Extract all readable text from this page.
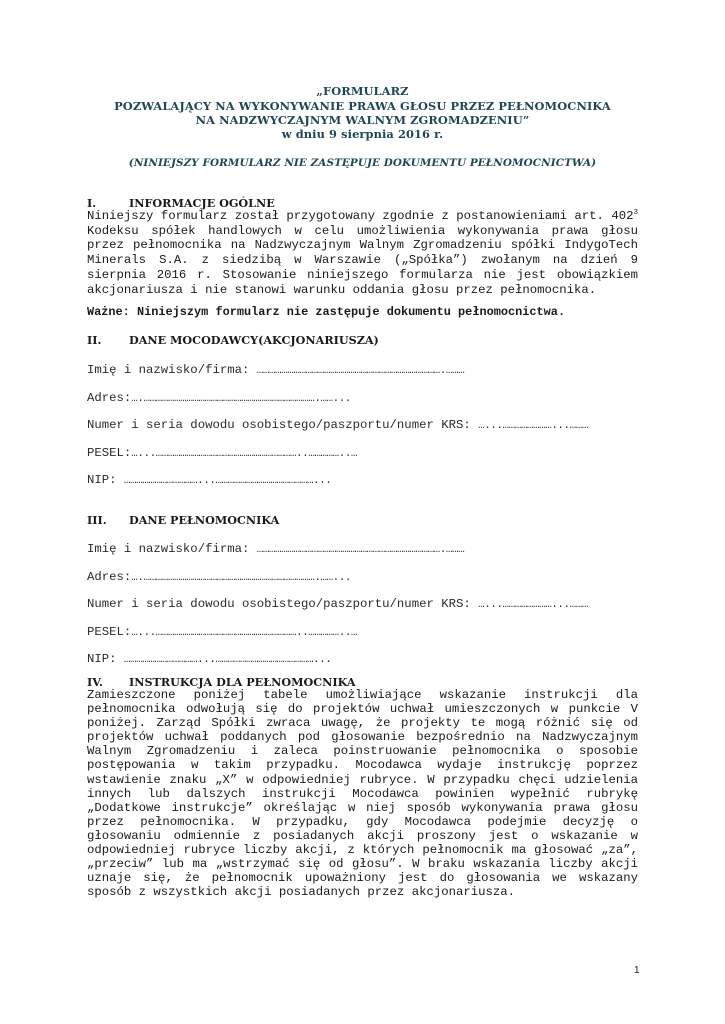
„FORMULARZ
POZWALAJĄCY NA WYKONYWANIE PRAWA GŁOSU PRZEZ PEŁNOMOCNIKA
NA NADZWYCZAJNYM WALNYM ZGROMADZENIU”
w dniu 9 sierpnia 2016 r.
(NINIEJSZY FORMULARZ NIE ZASTĘPUJE DOKUMENTU PEŁNOMOCNICTWA)
I.	INFORMACJE OGÓLNE

Niniejszy formularz został przygotowany zgodnie z postanowieniami art. $402^3$ Kodeksu spółek handlowych w celu umożliwienia wykonywania prawa głosu przez pełnomocnika na Nadzwyczajnym Walnym Zgromadzeniu spółki IndygoTech Minerals S.A. z siedzibą w Warszawie („Spółka”) zwołanym na dzień 9 sierpnia 2016 r. Stosowanie niniejszego formularza nie jest obowiązkiem akcjonariusza i nie stanowi warunku oddania głosu przez pełnomocnika.

Ważne: Niniejszym formularz nie zastępuje dokumentu pełnomocnictwa.
II. DANE MOCODAWCY(AKCJONARIUSZA)
Imię i nazwisko/firma: ……………………………………………………………………………….………
Adres:….………………………………………………………………………….……...
Numer i seria dowodu osobistego/paszportu/numer KRS: …...……………………...………
PESEL:…...……………………………………………………………..……………..…
NIP: ………………………………...…………………………………………...
III. DANE PEŁNOMOCNIKA
Imię i nazwisko/firma: ……………………………………………………………………………….………
Adres:….………………………………………………………………………….……...
Numer i seria dowodu osobistego/paszportu/numer KRS: …...……………………...………
PESEL:…...……………………………………………………………..……………..…
NIP: ………………………………...…………………………………………...
IV. INSTRUKCJA DLA PEŁNOMOCNIKA

Zamieszczone poniżej tabele umożliwiające wskazanie instrukcji dla pełnomocnika odwołują się do projektów uchwał umieszczonych w punkcie V poniżej. Zarząd Spółki zwraca uwagę, że projekty te mogą różnić się od projektów uchwał poddanych pod głosowanie bezpośrednio na Nadzwyczajnym Walnym Zgromadzeniu i zaleca poinstruowanie pełnomocnika o sposobie postępowania w takim przypadku. Mocodawca wydaje instrukcję poprzez wstawienie znaku „X” w odpowiedniej rubryce. W przypadku chęci udzielenia innych lub dalszych instrukcji Mocodawca powinien wypełnić rubrykę „Dodatkowe instrukcje” określając w niej sposób wykonywania prawa głosu przez pełnomocnika. W przypadku, gdy Mocodawca podejmie decyzję o głosowaniu odmiennie z posiadanych akcji proszony jest o wskazanie w odpowiedniej rubryce liczby akcji, z których pełnomocnik ma głosować „za”, „przeciw” lub ma „wstrzymać się od głosu”. W braku wskazania liczby akcji uznaje się, że pełnomocnik upoważniony jest do głosowania we wskazany sposób z wszystkich akcji posiadanych przez akcjonariusza.

1
